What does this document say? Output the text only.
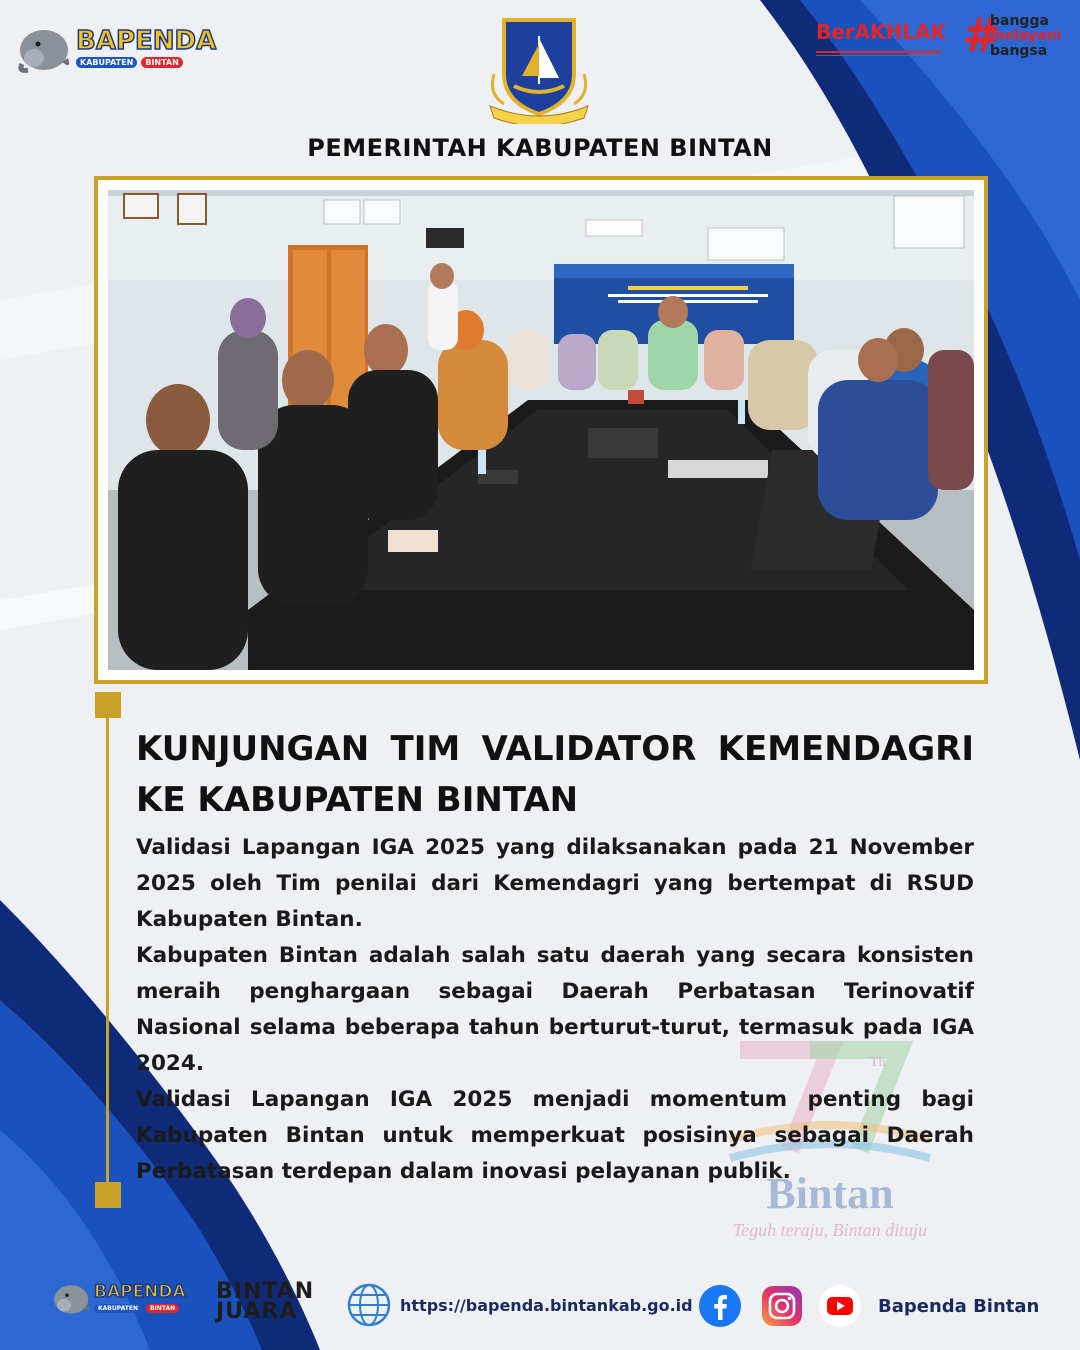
BAPENDA
KABUPATEN	BINTAN
PEMERINTAH KABUPATEN BINTAN
BerAKHLAK #
bangga
melayani
bangsa
Th
Bintan
Teguh teraju, Bintan dituju
KUNJUNGAN TIM VALIDATOR KEMENDAGRI
KE KABUPATEN BINTAN

Validasi Lapangan IGA 2025 yang dilaksanakan pada 21 November 2025 oleh Tim penilai dari Kemendagri yang bertempat di RSUD Kabupaten Bintan.

Kabupaten Bintan adalah salah satu daerah yang secara konsisten meraih penghargaan sebagai Daerah Perbatasan Terinovatif Nasional selama beberapa tahun berturut-turut, termasuk pada IGA 2024.

Validasi Lapangan IGA 2025 menjadi momentum penting bagi Kabupaten Bintan untuk memperkuat posisinya sebagai Daerah Perbatasan terdepan dalam inovasi pelayanan publik.

BAPENDA
KABUPATEN	BINTAN
BINTAN
JUARA	https://bapenda.bintankab.go.id	Bapenda Bintan
